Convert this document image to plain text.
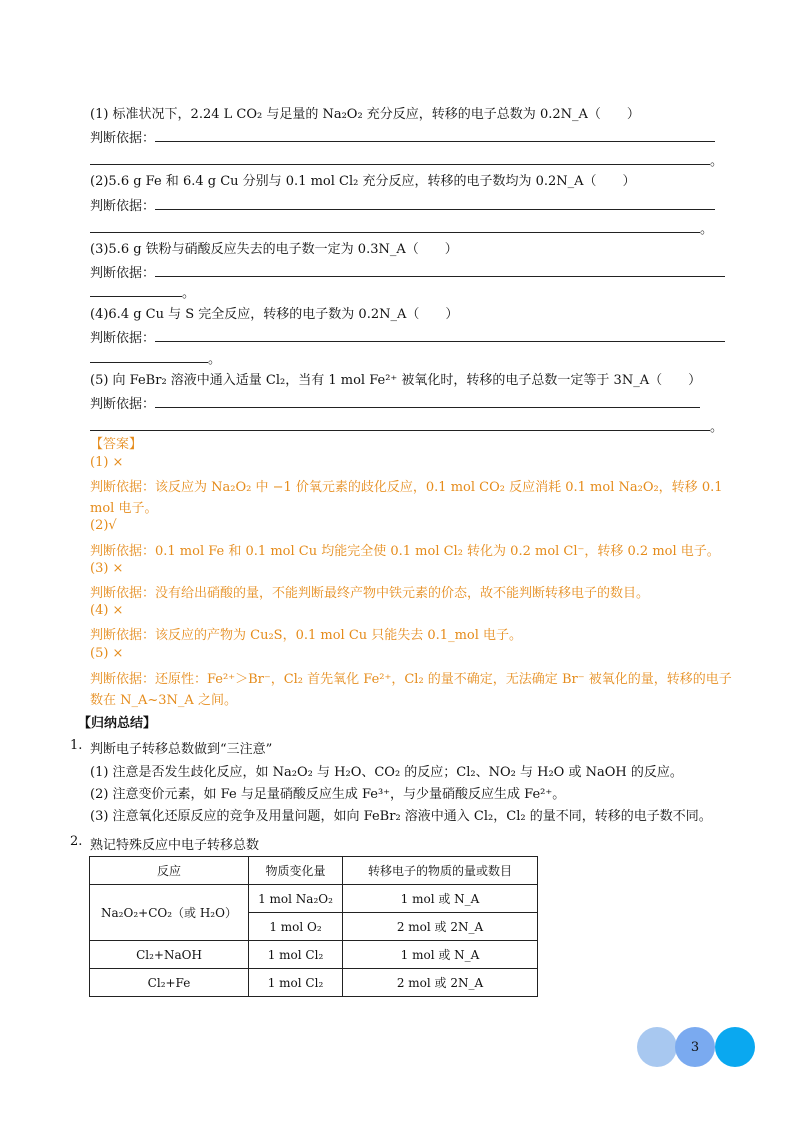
(1) 标准状况下，2.24 L CO₂ 与足量的 Na₂O₂ 充分反应，转移的电子总数为 0.2N_A（　　）
判断依据：
。
(2)5.6 g Fe 和 6.4 g Cu 分别与 0.1 mol Cl₂ 充分反应，转移的电子数均为 0.2N_A（　　）
判断依据：
。
(3)5.6 g 铁粉与硝酸反应失去的电子数一定为 0.3N_A（　　）
判断依据：
。
(4)6.4 g Cu 与 S 完全反应，转移的电子数为 0.2N_A（　　）
判断依据：
。
(5) 向 FeBr₂ 溶液中通入适量 Cl₂，当有 1 mol Fe²⁺ 被氧化时，转移的电子总数一定等于 3N_A（　　）
判断依据：
。
【答案】
(1) ×
判断依据：该反应为 Na₂O₂ 中 −1 价氧元素的歧化反应，0.1 mol CO₂ 反应消耗 0.1 mol Na₂O₂，转移 0.1
mol 电子。
(2)√
判断依据：0.1 mol Fe 和 0.1 mol Cu 均能完全使 0.1 mol Cl₂ 转化为 0.2 mol Cl⁻，转移 0.2 mol 电子。
(3) ×
判断依据：没有给出硝酸的量，不能判断最终产物中铁元素的价态，故不能判断转移电子的数目。
(4) ×
判断依据：该反应的产物为 Cu₂S，0.1 mol Cu 只能失去 0.1_mol 电子。
(5) ×
判断依据：还原性：Fe²⁺＞Br⁻，Cl₂ 首先氧化 Fe²⁺，Cl₂ 的量不确定，无法确定 Br⁻ 被氧化的量，转移的电子
数在 N_A~3N_A 之间。
【归纳总结】
1. 判断电子转移总数做到“三注意”
(1) 注意是否发生歧化反应，如 Na₂O₂ 与 H₂O、CO₂ 的反应；Cl₂、NO₂ 与 H₂O 或 NaOH 的反应。
(2) 注意变价元素，如 Fe 与足量硝酸反应生成 Fe³⁺，与少量硝酸反应生成 Fe²⁺。
(3) 注意氧化还原反应的竞争及用量问题，如向 FeBr₂ 溶液中通入 Cl₂，Cl₂ 的量不同，转移的电子数不同。
2. 熟记特殊反应中电子转移总数
反应	物质变化量	转移电子的物质的量或数目
Na₂O₂+CO₂（或 H₂O）	1 mol Na₂O₂	1 mol 或 N_A
	1 mol O₂	2 mol 或 2N_A
Cl₂+NaOH	1 mol Cl₂	1 mol 或 N_A
Cl₂+Fe	1 mol Cl₂	2 mol 或 2N_A
3
